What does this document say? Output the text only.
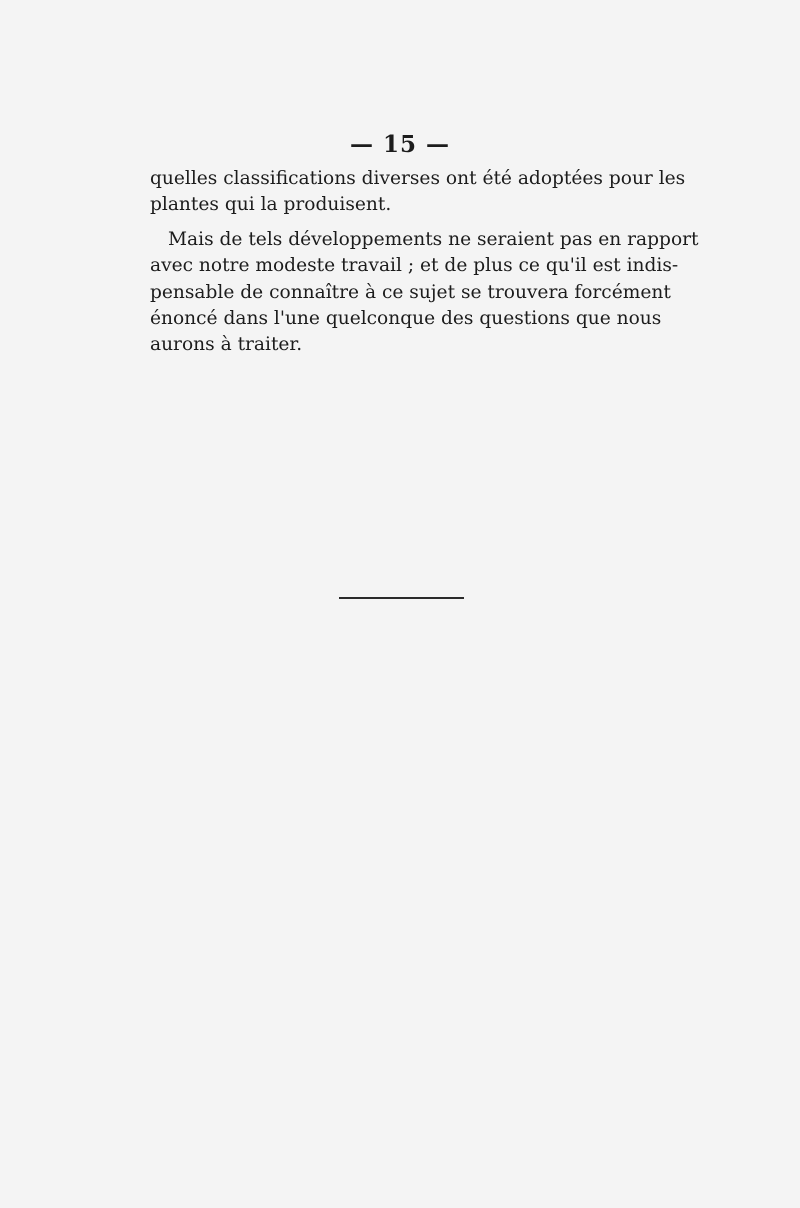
— 15 —

quelles classifications diverses ont été adoptées pour les
plantes qui la produisent.

Mais de tels développements ne seraient pas en rapport
avec notre modeste travail ; et de plus ce qu'il est indis-
pensable de connaître à ce sujet se trouvera forcément
énoncé dans l'une quelconque des questions que nous
aurons à traiter.
